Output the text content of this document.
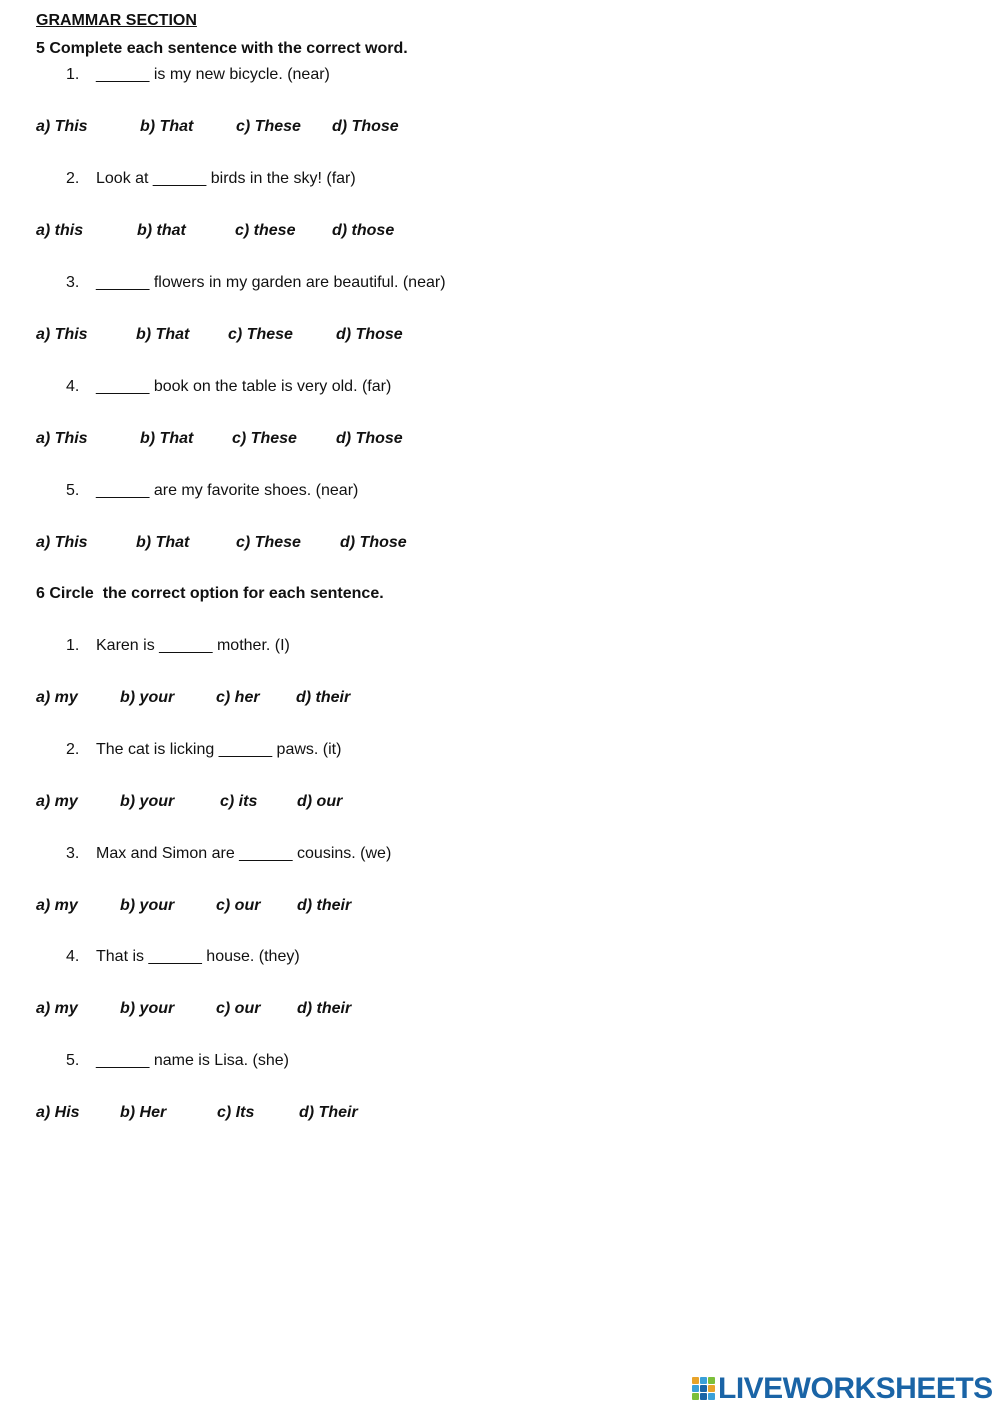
GRAMMAR SECTION
5 Complete each sentence with the correct word.
1. ______ is my new bicycle. (near)
a) This	b) That	c) These d) Those
2. Look at ______ birds in the sky! (far)
a) this	b) that	c) these d) those
3. ______ flowers in my garden are beautiful. (near)
a) This	b) That c) These	d) Those
4. ______ book on the table is very old. (far)
a) This	b) That c) These d) Those
5. ______ are my favorite shoes. (near)
a) This	b) That	c) These d) Those
6 Circle  the correct option for each sentence.
1. Karen is ______ mother. (I)
a) my	b) your	c) her d) their
2. The cat is licking ______ paws. (it)
a) my	b) your	c) its d) our
3. Max and Simon are ______ cousins. (we)
a) my	b) your	c) our d) their
4. That is ______ house. (they)
a) my	b) your	c) our d) their
5. ______ name is Lisa. (she)
a) His	b) Her	c) Its	d) Their
LIVEWORKSHEETS
